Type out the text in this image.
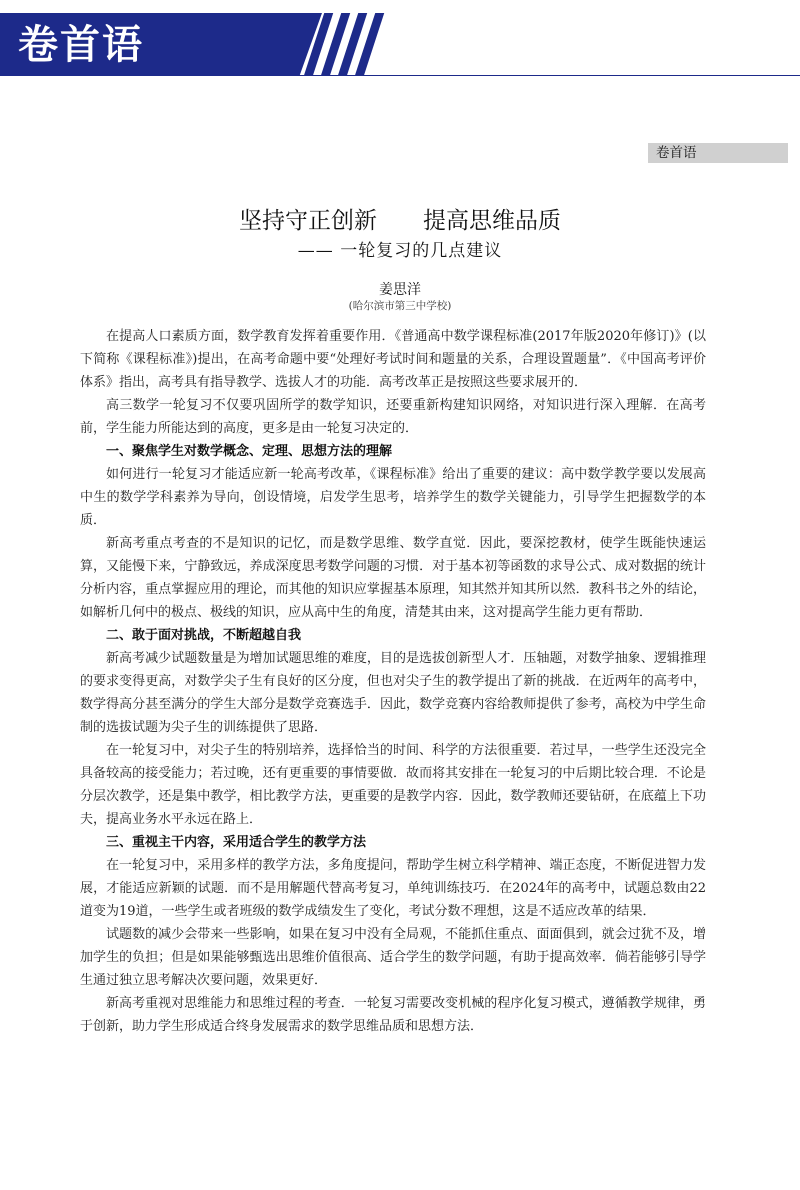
卷首语
卷首语
坚持守正创新　　提高思维品质
—— 一轮复习的几点建议
姜思洋
(哈尔滨市第三中学校)

在提高人口素质方面，数学教育发挥着重要作用．《普通高中数学课程标准(2017年版2020年修订)》(以下简称《课程标准》)提出，在高考命题中要“处理好考试时间和题量的关系，合理设置题量”．《中国高考评价体系》指出，高考具有指导教学、选拔人才的功能．高考改革正是按照这些要求展开的．

高三数学一轮复习不仅要巩固所学的数学知识，还要重新构建知识网络，对知识进行深入理解．在高考前，学生能力所能达到的高度，更多是由一轮复习决定的．

一、聚焦学生对数学概念、定理、思想方法的理解

如何进行一轮复习才能适应新一轮高考改革，《课程标准》给出了重要的建议：高中数学教学要以发展高中生的数学学科素养为导向，创设情境，启发学生思考，培养学生的数学关键能力，引导学生把握数学的本质．

新高考重点考查的不是知识的记忆，而是数学思维、数学直觉．因此，要深挖教材，使学生既能快速运算，又能慢下来，宁静致远，养成深度思考数学问题的习惯．对于基本初等函数的求导公式、成对数据的统计分析内容，重点掌握应用的理论，而其他的知识应掌握基本原理，知其然并知其所以然．教科书之外的结论，如解析几何中的极点、极线的知识，应从高中生的角度，清楚其由来，这对提高学生能力更有帮助．

二、敢于面对挑战，不断超越自我

新高考减少试题数量是为增加试题思维的难度，目的是选拔创新型人才．压轴题，对数学抽象、逻辑推理的要求变得更高，对数学尖子生有良好的区分度，但也对尖子生的教学提出了新的挑战．在近两年的高考中，数学得高分甚至满分的学生大部分是数学竞赛选手．因此，数学竞赛内容给教师提供了参考，高校为中学生命制的选拔试题为尖子生的训练提供了思路．

在一轮复习中，对尖子生的特别培养，选择恰当的时间、科学的方法很重要．若过早，一些学生还没完全具备较高的接受能力；若过晚，还有更重要的事情要做．故而将其安排在一轮复习的中后期比较合理．不论是分层次教学，还是集中教学，相比教学方法，更重要的是教学内容．因此，数学教师还要钻研，在底蕴上下功夫，提高业务水平永远在路上．

三、重视主干内容，采用适合学生的教学方法

在一轮复习中，采用多样的教学方法，多角度提问，帮助学生树立科学精神、端正态度，不断促进智力发展，才能适应新颖的试题．而不是用解题代替高考复习，单纯训练技巧．在2024年的高考中，试题总数由22道变为19道，一些学生或者班级的数学成绩发生了变化，考试分数不理想，这是不适应改革的结果．

试题数的减少会带来一些影响，如果在复习中没有全局观，不能抓住重点、面面俱到，就会过犹不及，增加学生的负担；但是如果能够甄选出思维价值很高、适合学生的数学问题，有助于提高效率．倘若能够引导学生通过独立思考解决次要问题，效果更好．

新高考重视对思维能力和思维过程的考查．一轮复习需要改变机械的程序化复习模式，遵循教学规律，勇于创新，助力学生形成适合终身发展需求的数学思维品质和思想方法．
